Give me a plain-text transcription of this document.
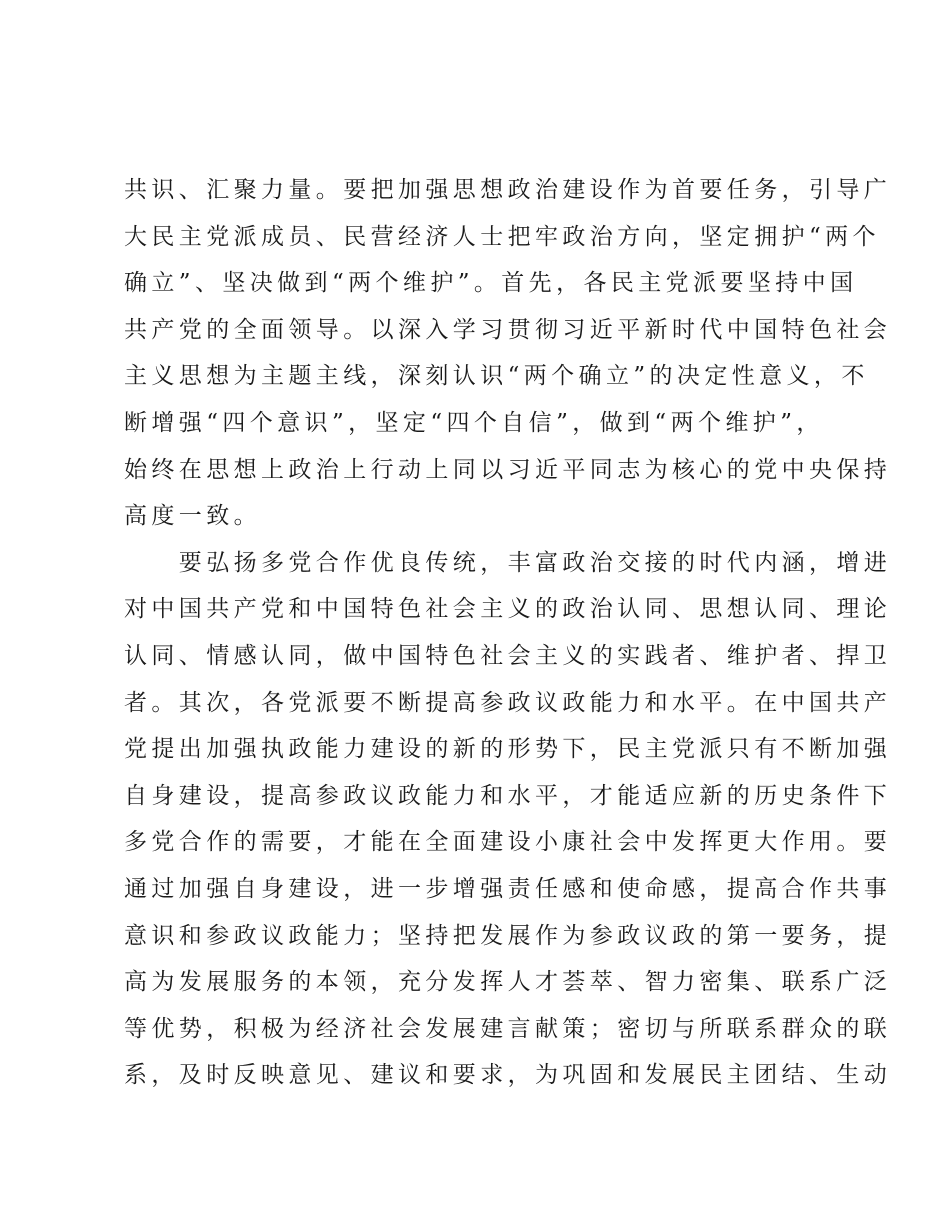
共识、汇聚力量。要把加强思想政治建设作为首要任务，引导广
大民主党派成员、民营经济人士把牢政治方向，坚定拥护“两个
确立”、坚决做到“两个维护”。首先，各民主党派要坚持中国
共产党的全面领导。以深入学习贯彻习近平新时代中国特色社会
主义思想为主题主线，深刻认识“两个确立”的决定性意义，不
断增强“四个意识”，坚定“四个自信”，做到“两个维护”，
始终在思想上政治上行动上同以习近平同志为核心的党中央保持
高度一致。
　　要弘扬多党合作优良传统，丰富政治交接的时代内涵，增进
对中国共产党和中国特色社会主义的政治认同、思想认同、理论
认同、情感认同，做中国特色社会主义的实践者、维护者、捍卫
者。其次，各党派要不断提高参政议政能力和水平。在中国共产
党提出加强执政能力建设的新的形势下，民主党派只有不断加强
自身建设，提高参政议政能力和水平，才能适应新的历史条件下
多党合作的需要，才能在全面建设小康社会中发挥更大作用。要
通过加强自身建设，进一步增强责任感和使命感，提高合作共事
意识和参政议政能力；坚持把发展作为参政议政的第一要务，提
高为发展服务的本领，充分发挥人才荟萃、智力密集、联系广泛
等优势，积极为经济社会发展建言献策；密切与所联系群众的联
系，及时反映意见、建议和要求，为巩固和发展民主团结、生动
